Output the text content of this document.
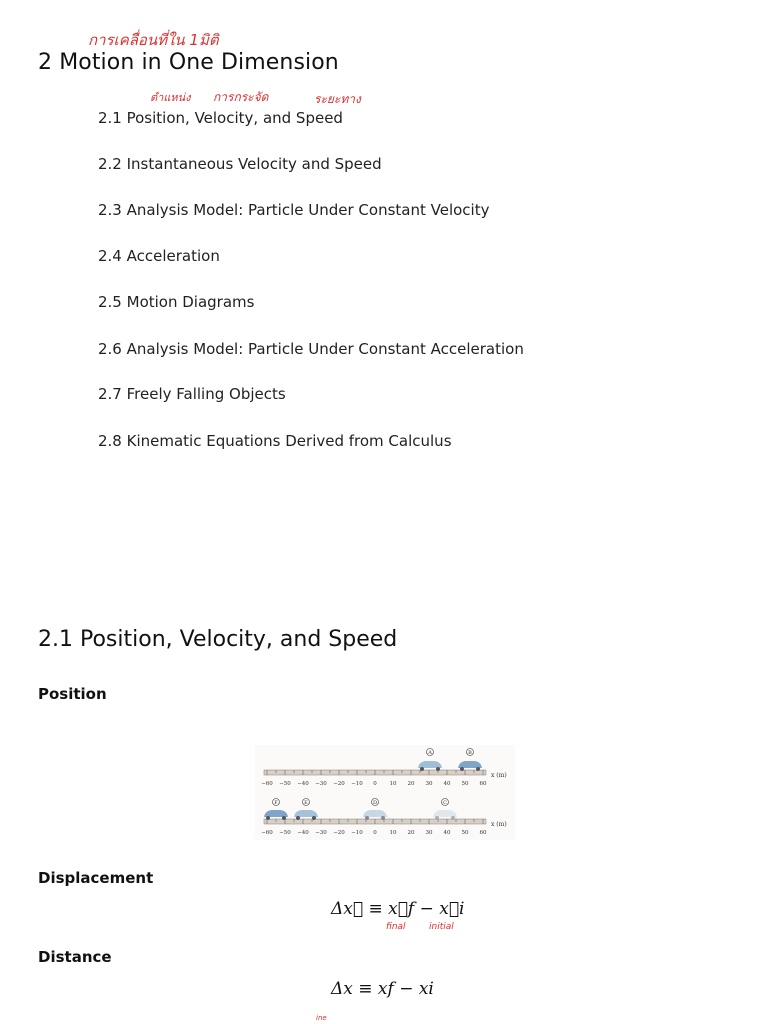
การเคลื่อนที่ใน 1มิติ
2 Motion in One Dimension
ตำแหน่ง การกระจัด	ระยะทาง
2.1 Position, Velocity, and Speed
2.2 Instantaneous Velocity and Speed
2.3 Analysis Model: Particle Under Constant Velocity
2.4 Acceleration
2.5 Motion Diagrams
2.6 Analysis Model: Particle Under Constant Acceleration
2.7 Freely Falling Objects
2.8 Kinematic Equations Derived from Calculus
2.1 Position, Velocity, and Speed
Position
x (m)
−60 −50 −40 −30 −20 −10 0 10 20 30 40 50 60
A	B
x (m)
−60 −50 −40 −30 −20 −10 0 10 20 30 40 50 60
F	E	D	C
Displacement
Δx⃗ ≡ x⃗f − x⃗i
final	initial
Distance
Δx ≡ xf − xi
ine
